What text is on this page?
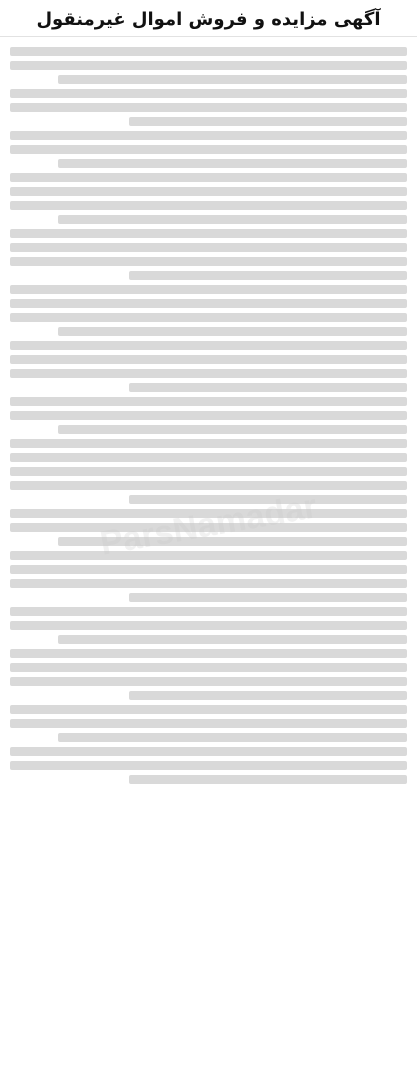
آگهی مزایده و فروش اموال غیرمنقول
ParsNamadar
